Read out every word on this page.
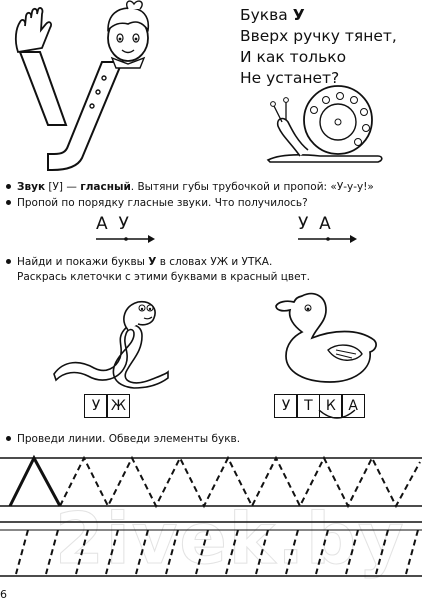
Буква У
Вверх ручку тянет,
И как только
Не устанет?
Звук [У] — гласный. Вытяни губы трубочкой и пропой: «У-у-у!»
Пропой по порядку гласные звуки. Что получилось?
А У	У А
Найди и покажи буквы У в словах УЖ и УТКА.
Раскрась клеточки с этими буквами в красный цвет.
У Ж	У Т К А
Проведи линии. Обведи элементы букв.
2ivek.by
6
